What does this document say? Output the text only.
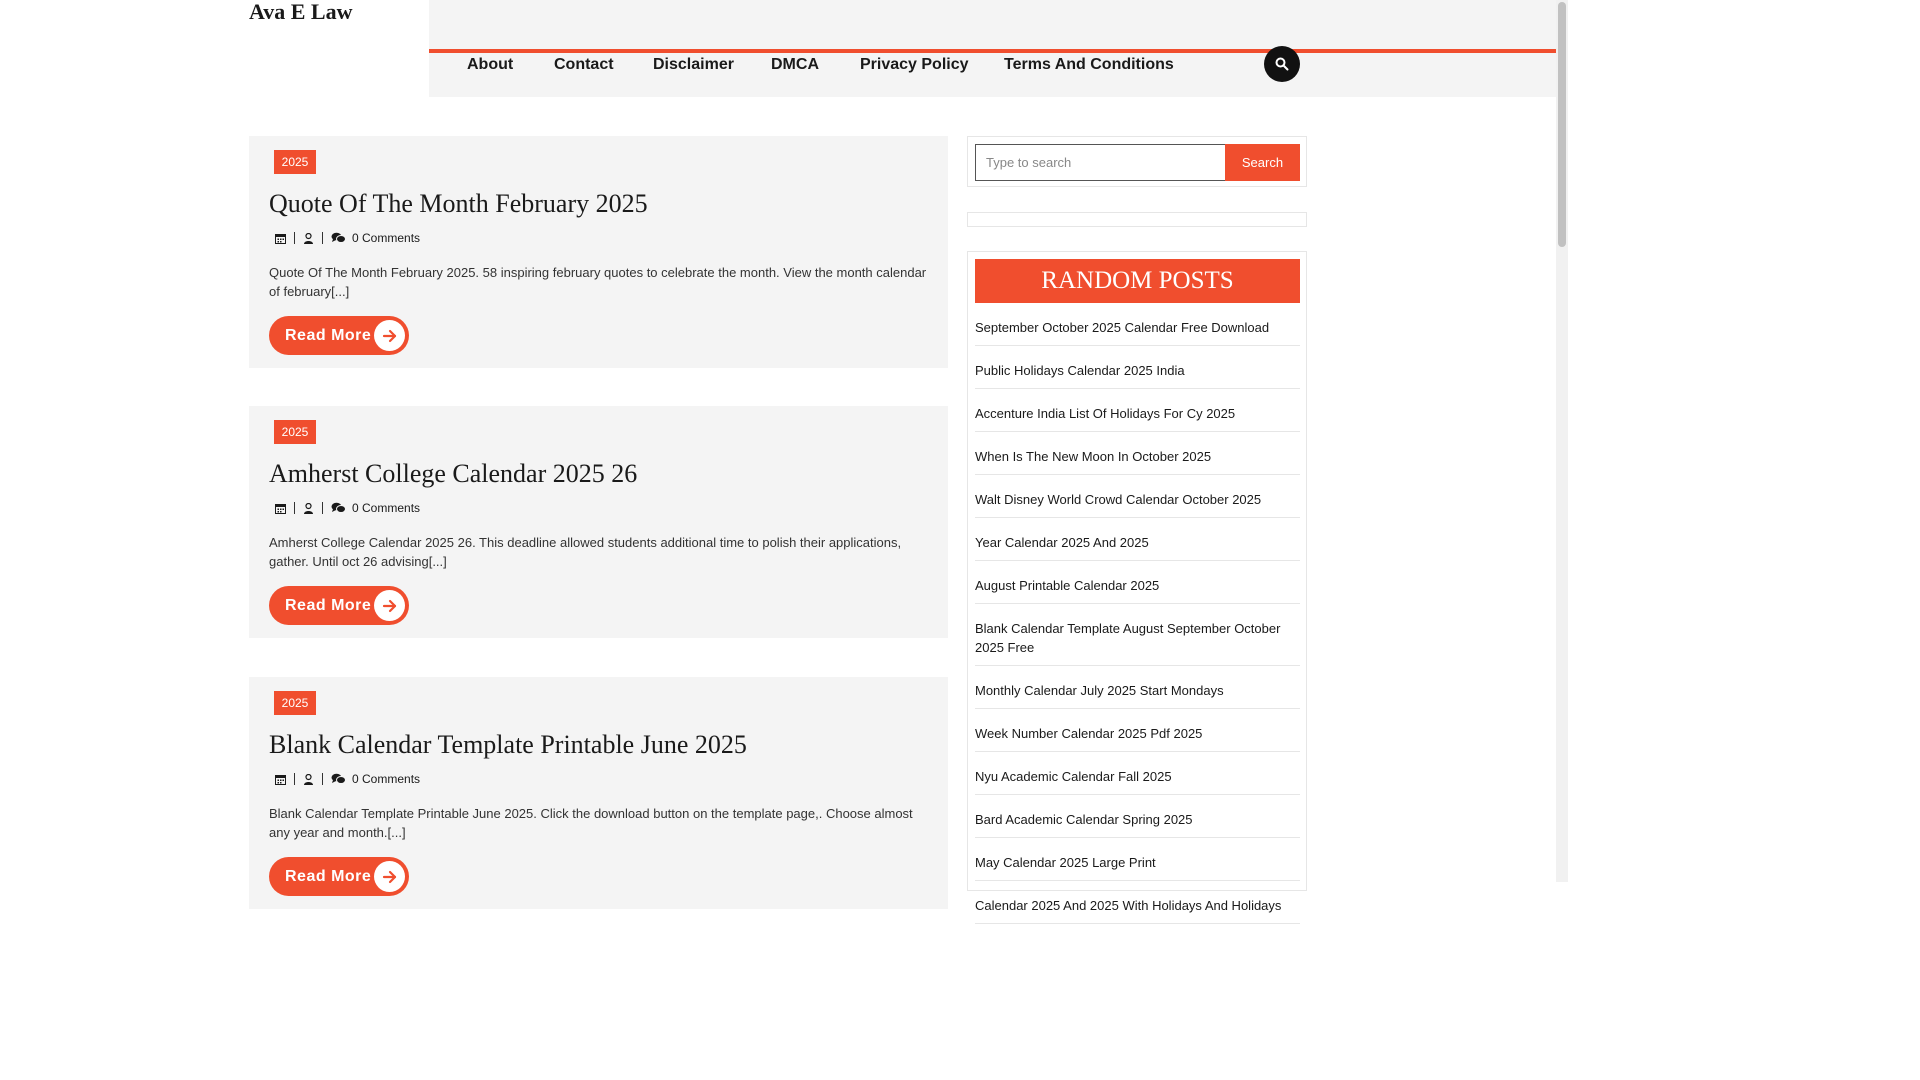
Ava E Law
About	Contact Disclaimer DMCA	Privacy Policy Terms And Conditions
2025
Quote Of The Month February 2025
0 Comments

Quote Of The Month February 2025. 58 inspiring february quotes to celebrate the month. View the month calendar of february[...]

Read More
2025
Amherst College Calendar 2025 26
0 Comments

Amherst College Calendar 2025 26. This deadline allowed students additional time to polish their applications, gather. Until oct 26 advising[...]

Read More
2025
Blank Calendar Template Printable June 2025
0 Comments

Blank Calendar Template Printable June 2025. Click the download button on the template page,. Choose almost any year and month.[...]

Read More
Type to search
Search
RANDOM POSTS
September October 2025 Calendar Free Download
Public Holidays Calendar 2025 India
Accenture India List Of Holidays For Cy 2025
When Is The New Moon In October 2025
Walt Disney World Crowd Calendar October 2025
Year Calendar 2025 And 2025
August Printable Calendar 2025
Blank Calendar Template August September October 2025 Free
Monthly Calendar July 2025 Start Mondays
Week Number Calendar 2025 Pdf 2025
Nyu Academic Calendar Fall 2025
Bard Academic Calendar Spring 2025
May Calendar 2025 Large Print
Calendar 2025 And 2025 With Holidays And Holidays
